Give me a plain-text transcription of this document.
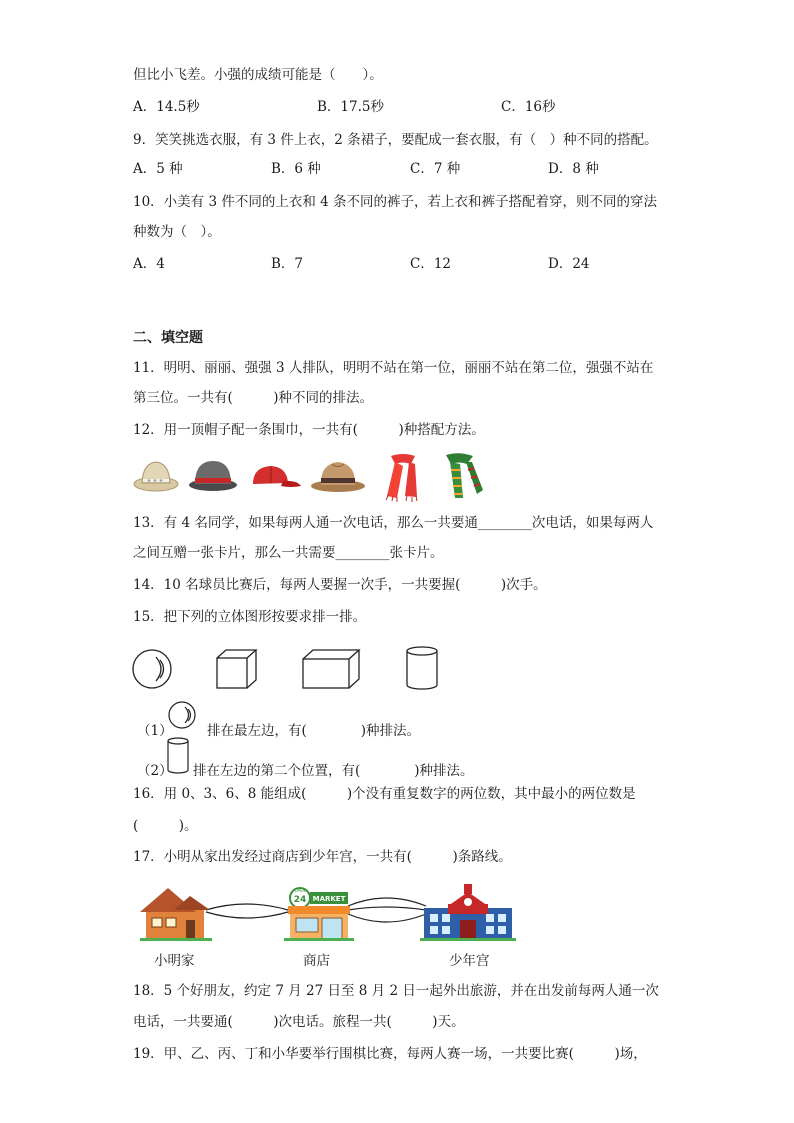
但比小飞差。小强的成绩可能是（　　）。
A．14.5秒	B．17.5秒	C．16秒
9．笑笑挑选衣服，有 3 件上衣，2 条裙子，要配成一套衣服，有（　）种不同的搭配。
A．5 种	B．6 种	C．7 种	D．8 种
10．小美有 3 件不同的上衣和 4 条不同的裤子，若上衣和裤子搭配着穿，则不同的穿法
种数为（　）。
A．4	B．7	C．12	D．24
二、填空题
11．明明、丽丽、强强 3 人排队，明明不站在第一位，丽丽不站在第二位，强强不站在
第三位。一共有(　　　)种不同的排法。
12．用一顶帽子配一条围巾，一共有(　　　)种搭配方法。
13．有 4 名同学，如果每两人通一次电话，那么一共要通________次电话，如果每两人
之间互赠一张卡片，那么一共需要________张卡片。
14．10 名球员比赛后，每两人要握一次手，一共要握(　　　)次手。
15．把下列的立体图形按要求排一排。
（1）	排在最左边，有(　　　　)种排法。
（2） 排在左边的第二个位置，有(　　　　)种排法。
16．用 0、3、6、8 能组成(　　　)个没有重复数字的两位数，其中最小的两位数是
(　　　)。
17．小明从家出发经过商店到少年宫，一共有(　　　)条路线。
OPEN
24 MARKET
小明家	商店	少年宫
18．5 个好朋友，约定 7 月 27 日至 8 月 2 日一起外出旅游，并在出发前每两人通一次
电话，一共要通(　　　)次电话。旅程一共(　　　)天。
19．甲、乙、丙、丁和小华要举行围棋比赛，每两人赛一场，一共要比赛(　　　)场，
